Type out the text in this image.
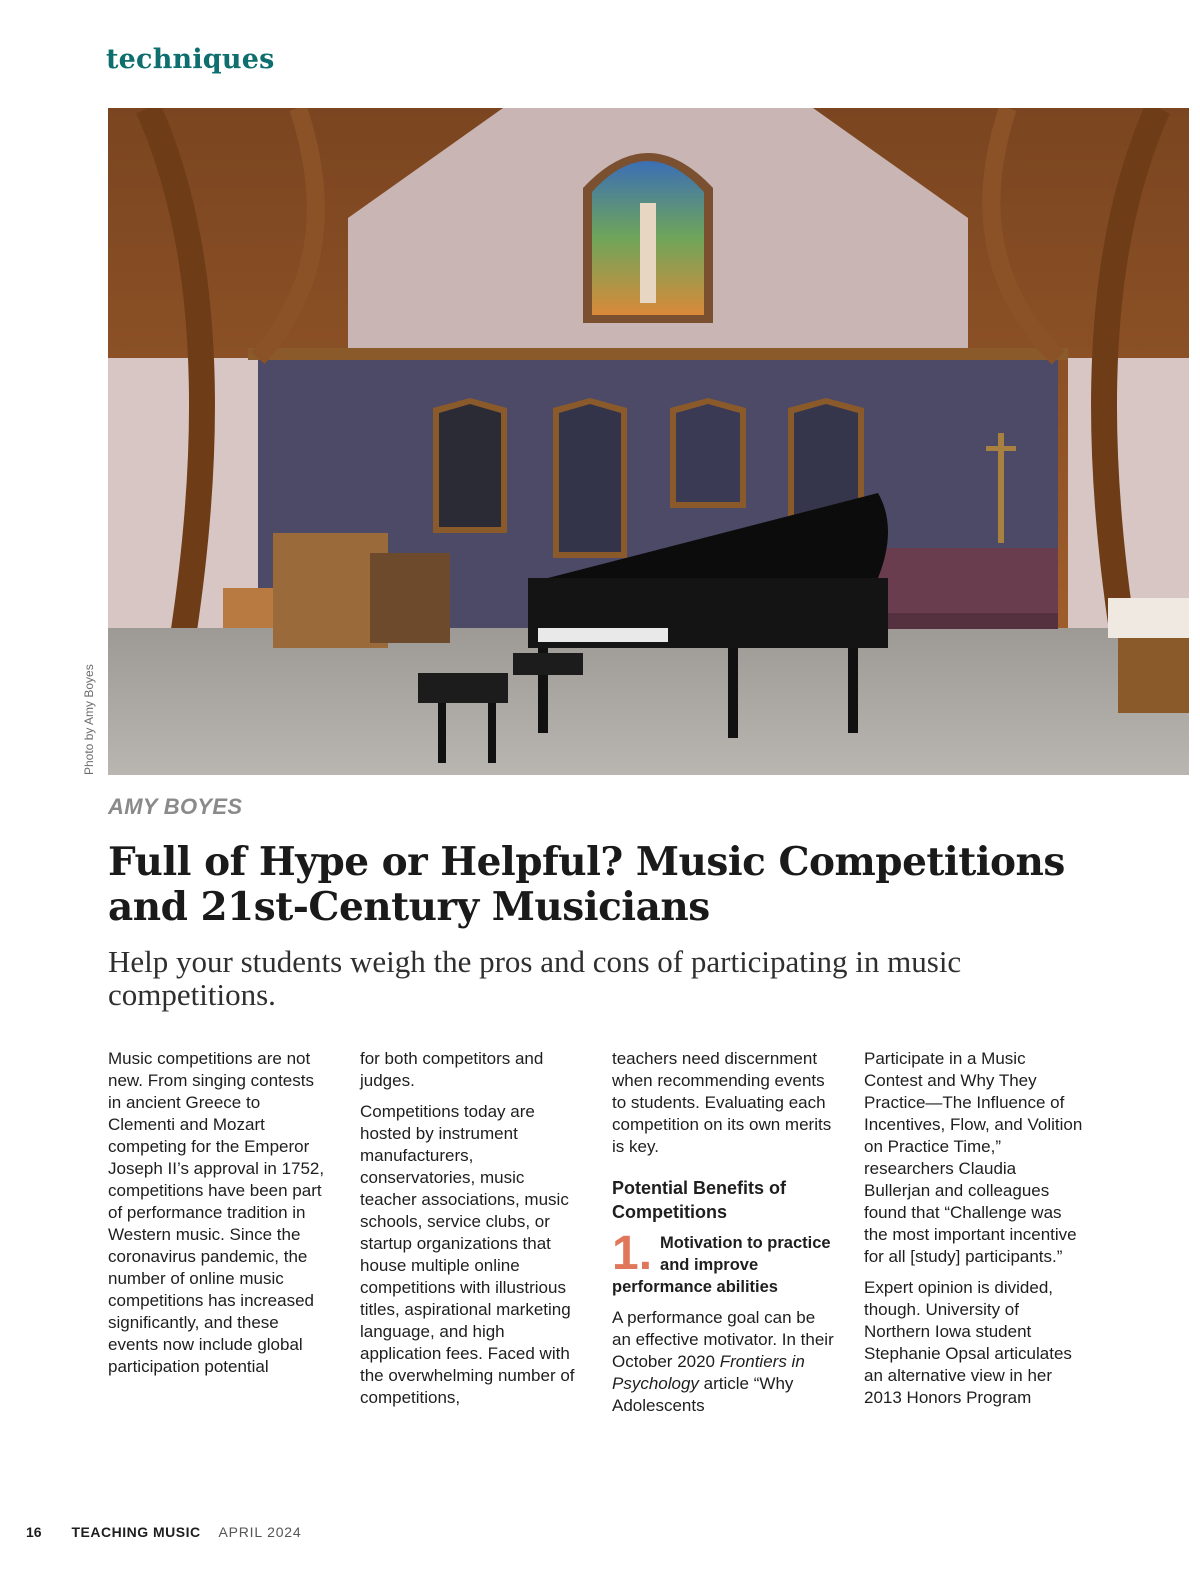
techniques
Photo by Amy Boyes
AMY BOYES
Full of Hype or Helpful? Music Competitions and 21st-Century Musicians

Help your students weigh the pros and cons of participating in music competitions.

Music competitions are not new. From singing contests in ancient Greece to Clementi and Mozart competing for the Emperor Joseph II’s approval in 1752, competitions have been part of performance tradition in Western music. Since the coronavirus pandemic, the number of online music competitions has increased significantly, and these events now include global participation potential

for both competitors and judges.

Competitions today are hosted by instrument manufacturers, conservatories, music teacher associations, music schools, service clubs, or startup organizations that house multiple online competitions with illustrious titles, aspirational marketing language, and high application fees. Faced with the overwhelming number of competitions,

teachers need discernment when recommending events to students. Evaluating each competition on its own merits is key.

Potential Benefits of Competitions
1. Motivation to practice and improve performance abilities

A performance goal can be an effective motivator. In their October 2020 Frontiers in Psychology article “Why Adolescents

Participate in a Music Contest and Why They Practice—The Influence of Incentives, Flow, and Volition on Practice Time,” researchers Claudia Bullerjan and colleagues found that “Challenge was the most important incentive for all [study] participants.”

Expert opinion is divided, though. University of Northern Iowa student Stephanie Opsal articulates an alternative view in her 2013 Honors Program

16 TEACHING MUSIC APRIL 2024
